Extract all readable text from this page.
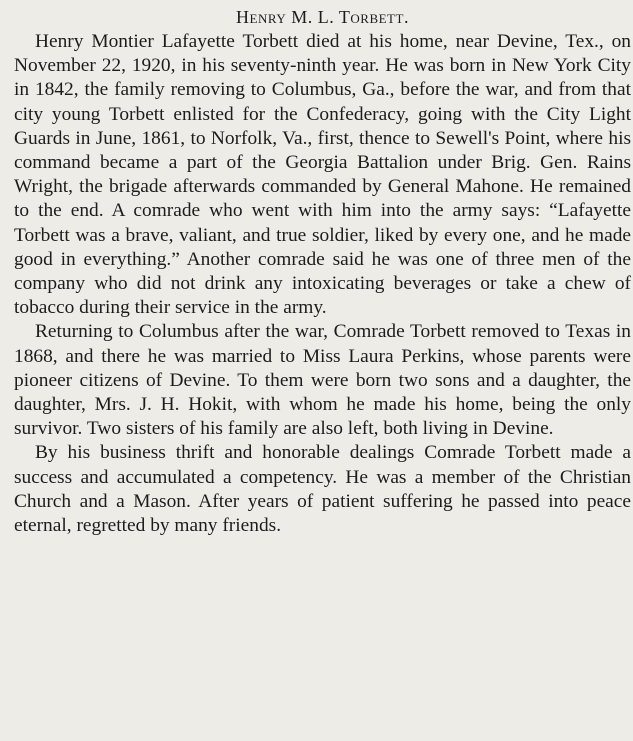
Henry M. L. Torbett.

Henry Montier Lafayette Torbett died at his home, near Devine, Tex., on November 22, 1920, in his seventy-ninth year. He was born in New York City in 1842, the family removing to Columbus, Ga., before the war, and from that city young Torbett enlisted for the Confederacy, going with the City Light Guards in June, 1861, to Norfolk, Va., first, thence to Sewell's Point, where his command became a part of the Georgia Battalion under Brig. Gen. Rains Wright, the brigade afterwards commanded by General Mahone. He remained to the end. A comrade who went with him into the army says: “Lafayette Torbett was a brave, valiant, and true soldier, liked by every one, and he made good in everything.” Another comrade said he was one of three men of the company who did not drink any intoxicating beverages or take a chew of tobacco during their service in the army.

Returning to Columbus after the war, Comrade Torbett removed to Texas in 1868, and there he was married to Miss Laura Perkins, whose parents were pioneer citizens of Devine. To them were born two sons and a daughter, the daughter, Mrs. J. H. Hokit, with whom he made his home, being the only survivor. Two sisters of his family are also left, both living in Devine.

By his business thrift and honorable dealings Comrade Torbett made a success and accumulated a competency. He was a member of the Christian Church and a Mason. After years of patient suffering he passed into peace eternal, regretted by many friends.
